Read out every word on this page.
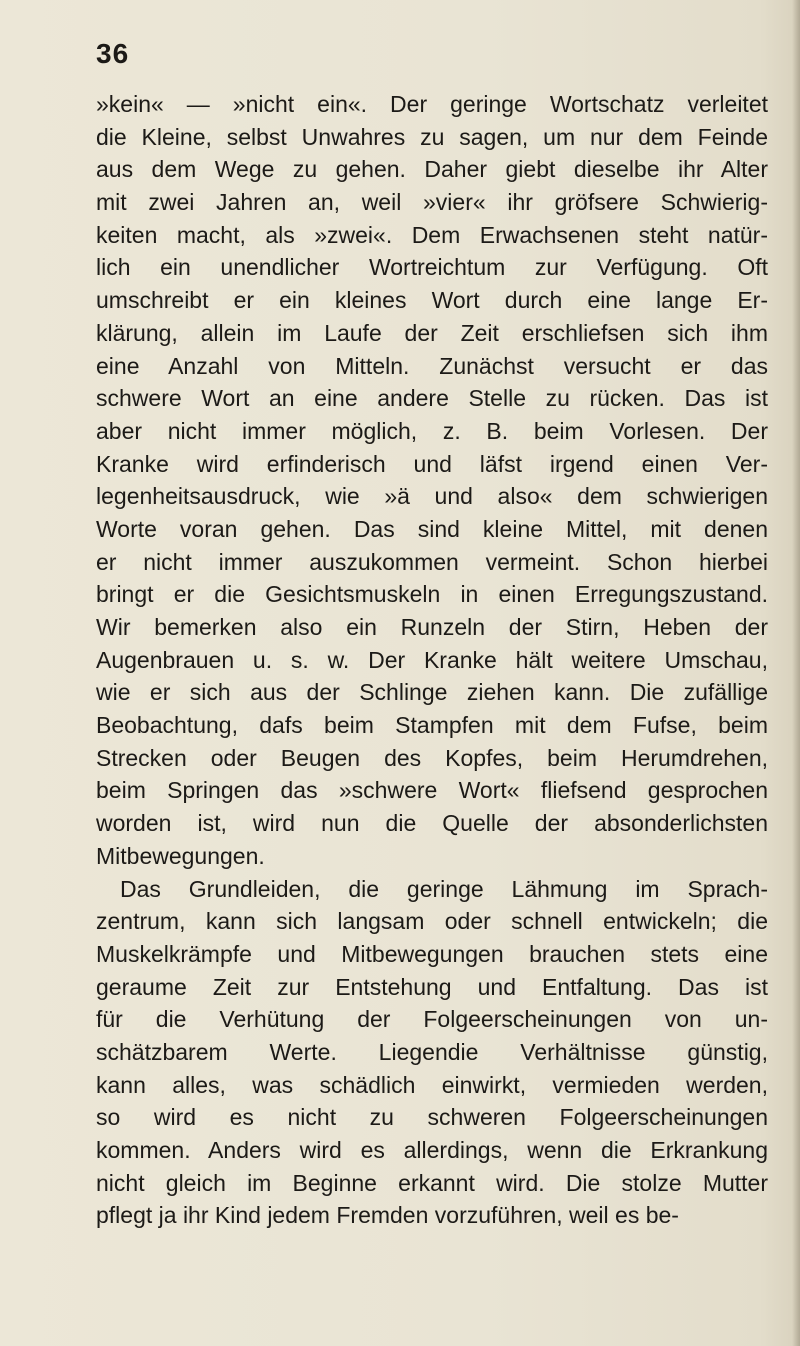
36
»kein« — »nicht ein«. Der geringe Wortschatz verleitet
die Kleine, selbst Unwahres zu sagen, um nur dem Feinde
aus dem Wege zu gehen. Daher giebt dieselbe ihr Alter
mit zwei Jahren an, weil »vier« ihr gröfsere Schwierig-
keiten macht, als »zwei«. Dem Erwachsenen steht natür-
lich ein unendlicher Wortreichtum zur Verfügung. Oft
umschreibt er ein kleines Wort durch eine lange Er-
klärung, allein im Laufe der Zeit erschliefsen sich ihm
eine Anzahl von Mitteln. Zunächst versucht er das
schwere Wort an eine andere Stelle zu rücken. Das ist
aber nicht immer möglich, z. B. beim Vorlesen. Der
Kranke wird erfinderisch und läfst irgend einen Ver-
legenheitsausdruck, wie »ä und also« dem schwierigen
Worte voran gehen. Das sind kleine Mittel, mit denen
er nicht immer auszukommen vermeint. Schon hierbei
bringt er die Gesichtsmuskeln in einen Erregungszustand.
Wir bemerken also ein Runzeln der Stirn, Heben der
Augenbrauen u. s. w. Der Kranke hält weitere Umschau,
wie er sich aus der Schlinge ziehen kann. Die zufällige
Beobachtung, dafs beim Stampfen mit dem Fufse, beim
Strecken oder Beugen des Kopfes, beim Herumdrehen,
beim Springen das »schwere Wort« fliefsend gesprochen
worden ist, wird nun die Quelle der absonderlichsten
Mitbewegungen.
Das Grundleiden, die geringe Lähmung im Sprach-
zentrum, kann sich langsam oder schnell entwickeln; die
Muskelkrämpfe und Mitbewegungen brauchen stets eine
geraume Zeit zur Entstehung und Entfaltung. Das ist
für die Verhütung der Folgeerscheinungen von un-
schätzbarem Werte. Liegendie Verhältnisse günstig,
kann alles, was schädlich einwirkt, vermieden werden,
so wird es nicht zu schweren Folgeerscheinungen
kommen. Anders wird es allerdings, wenn die Erkrankung
nicht gleich im Beginne erkannt wird. Die stolze Mutter
pflegt ja ihr Kind jedem Fremden vorzuführen, weil es be-
